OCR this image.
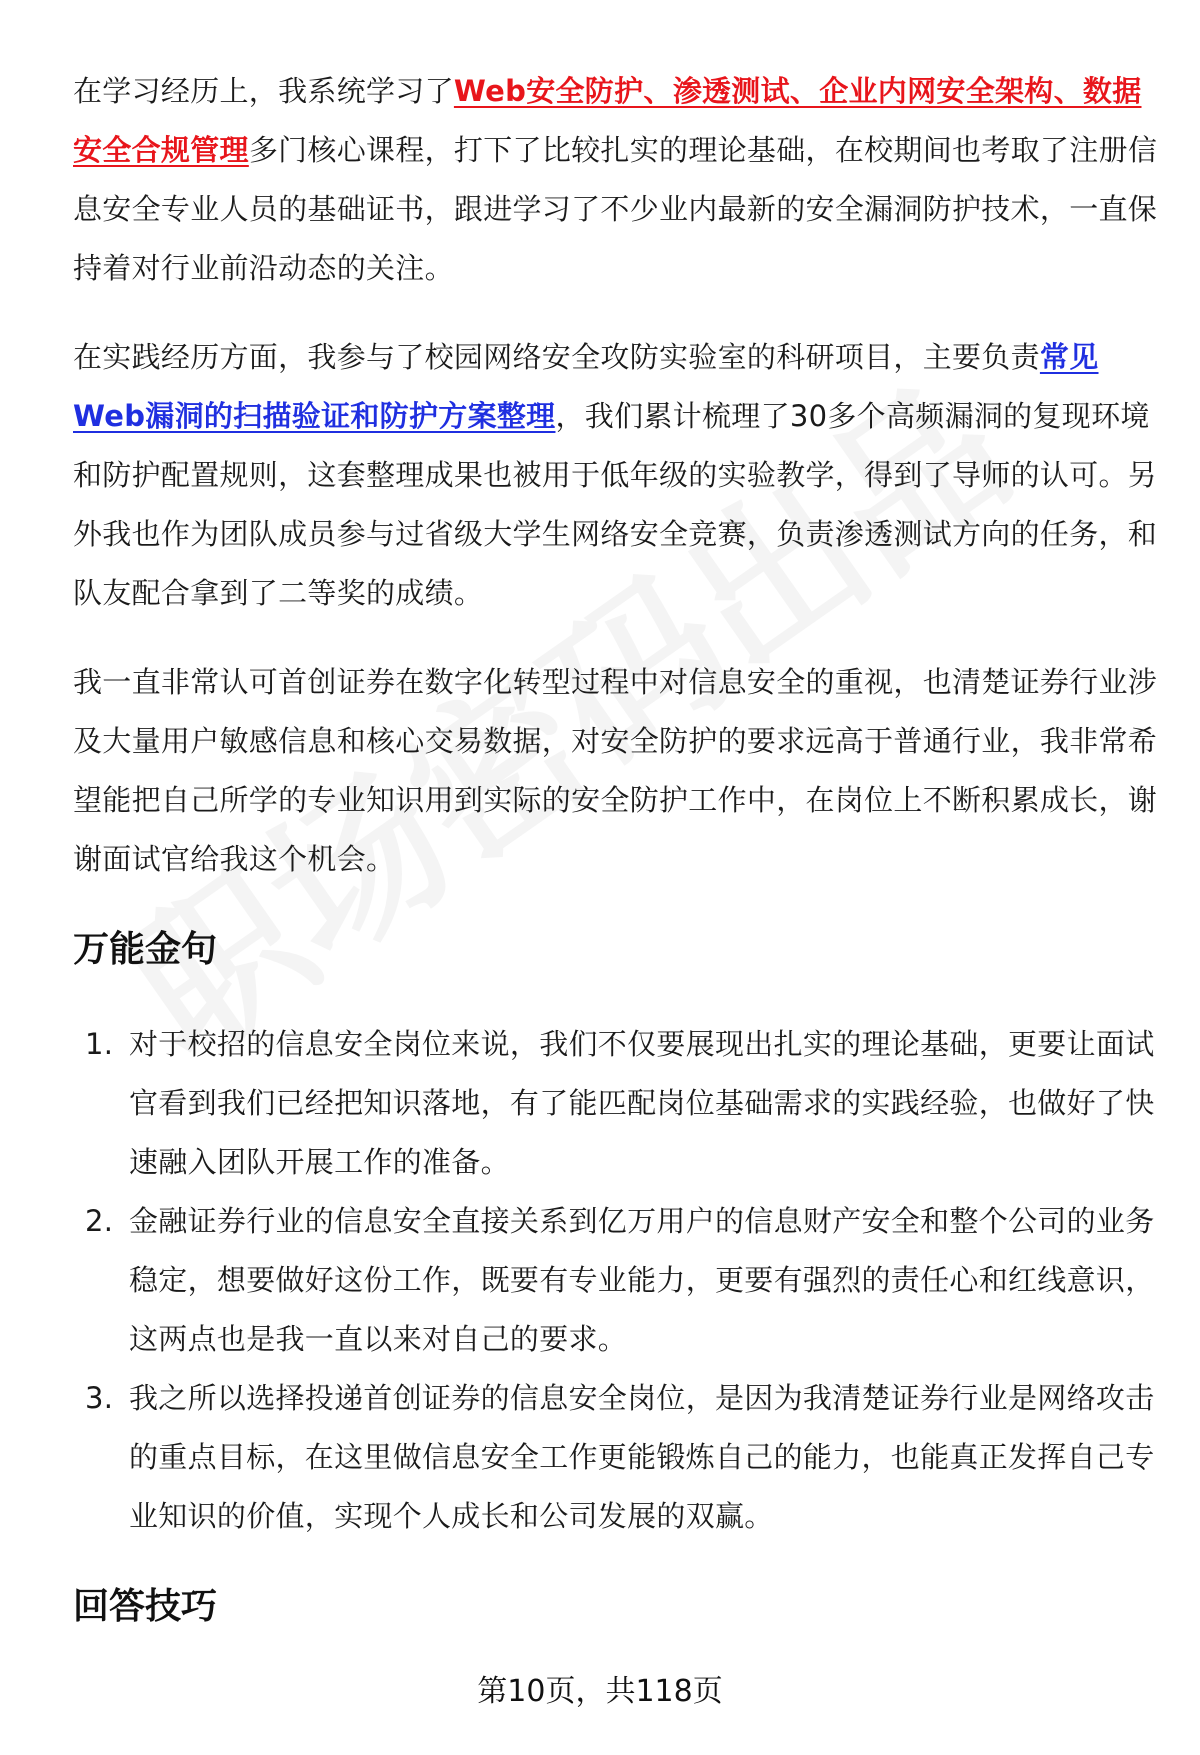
在学习经历上，我系统学习了Web安全防护、渗透测试、企业内网安全架构、数据安全合规管理多门核心课程，打下了比较扎实的理论基础，在校期间也考取了注册信息安全专业人员的基础证书，跟进学习了不少业内最新的安全漏洞防护技术，一直保持着对行业前沿动态的关注。

在实践经历方面，我参与了校园网络安全攻防实验室的科研项目，主要负责常见Web漏洞的扫描验证和防护方案整理，我们累计梳理了30多个高频漏洞的复现环境和防护配置规则，这套整理成果也被用于低年级的实验教学，得到了导师的认可。另外我也作为团队成员参与过省级大学生网络安全竞赛，负责渗透测试方向的任务，和队友配合拿到了二等奖的成绩。

我一直非常认可首创证券在数字化转型过程中对信息安全的重视，也清楚证券行业涉及大量用户敏感信息和核心交易数据，对安全防护的要求远高于普通行业，我非常希望能把自己所学的专业知识用到实际的安全防护工作中，在岗位上不断积累成长，谢谢面试官给我这个机会。

万能金句
1. 对于校招的信息安全岗位来说，我们不仅要展现出扎实的理论基础，更要让面试官看到我们已经把知识落地，有了能匹配岗位基础需求的实践经验，也做好了快速融入团队开展工作的准备。
2. 金融证券行业的信息安全直接关系到亿万用户的信息财产安全和整个公司的业务稳定，想要做好这份工作，既要有专业能力，更要有强烈的责任心和红线意识，这两点也是我一直以来对自己的要求。
3. 我之所以选择投递首创证券的信息安全岗位，是因为我清楚证券行业是网络攻击的重点目标，在这里做信息安全工作更能锻炼自己的能力，也能真正发挥自己专业知识的价值，实现个人成长和公司发展的双赢。
回答技巧
第10页，共118页
